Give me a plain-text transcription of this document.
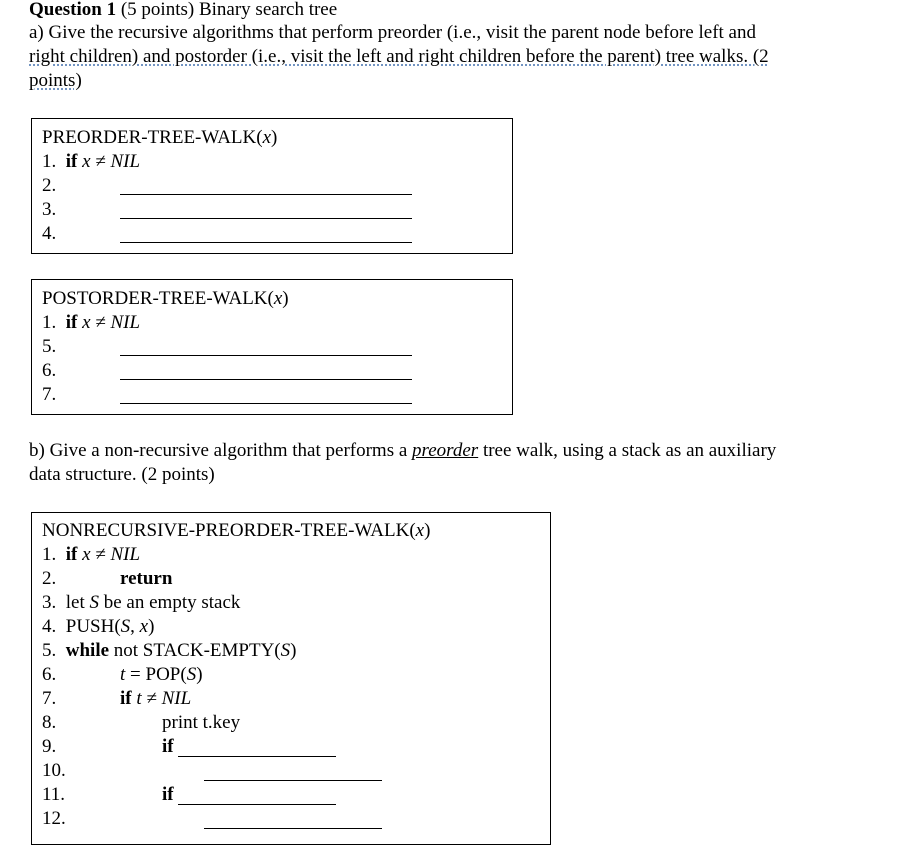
Question 1 (5 points) Binary search tree
a) Give the recursive algorithms that perform preorder (i.e., visit the parent node before left and
right children) and postorder (i.e., visit the left and right children before the parent) tree walks. (2
points)
PREORDER-TREE-WALK(x)
1. if x ≠ NIL
2.
3.
4.
POSTORDER-TREE-WALK(x)
1. if x ≠ NIL
5.
6.
7.
b) Give a non-recursive algorithm that performs a preorder tree walk, using a stack as an auxiliary
data structure. (2 points)
NONRECURSIVE-PREORDER-TREE-WALK(x)
1. if x ≠ NIL
2.	return
3. let S be an empty stack
4. PUSH(S, x)
5. while not STACK-EMPTY(S)
6.	t = POP(S)
7.	if t ≠ NIL
8.	print t.key
9.	if
10.
11.	if
12.
